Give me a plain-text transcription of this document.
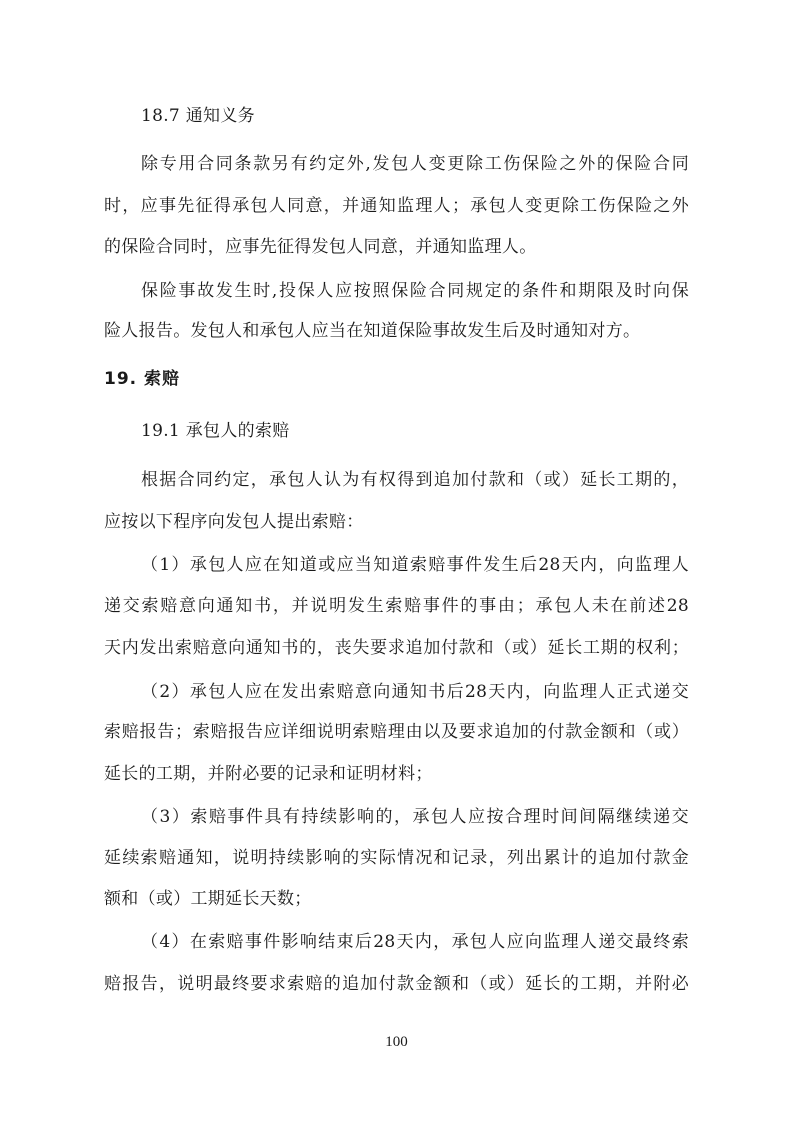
18.7 通知义务
除专用合同条款另有约定外,发包人变更除工伤保险之外的保险合同
时，应事先征得承包人同意，并通知监理人；承包人变更除工伤保险之外
的保险合同时，应事先征得发包人同意，并通知监理人。
保险事故发生时,投保人应按照保险合同规定的条件和期限及时向保
险人报告。发包人和承包人应当在知道保险事故发生后及时通知对方。
19. 索赔
19.1 承包人的索赔
根据合同约定，承包人认为有权得到追加付款和（或）延长工期的，
应按以下程序向发包人提出索赔：
（1）承包人应在知道或应当知道索赔事件发生后28天内，向监理人
递交索赔意向通知书，并说明发生索赔事件的事由；承包人未在前述28
天内发出索赔意向通知书的，丧失要求追加付款和（或）延长工期的权利；
（2）承包人应在发出索赔意向通知书后28天内，向监理人正式递交
索赔报告；索赔报告应详细说明索赔理由以及要求追加的付款金额和（或）
延长的工期，并附必要的记录和证明材料；
（3）索赔事件具有持续影响的，承包人应按合理时间间隔继续递交
延续索赔通知，说明持续影响的实际情况和记录，列出累计的追加付款金
额和（或）工期延长天数；
（4）在索赔事件影响结束后28天内，承包人应向监理人递交最终索
赔报告，说明最终要求索赔的追加付款金额和（或）延长的工期，并附必
100
